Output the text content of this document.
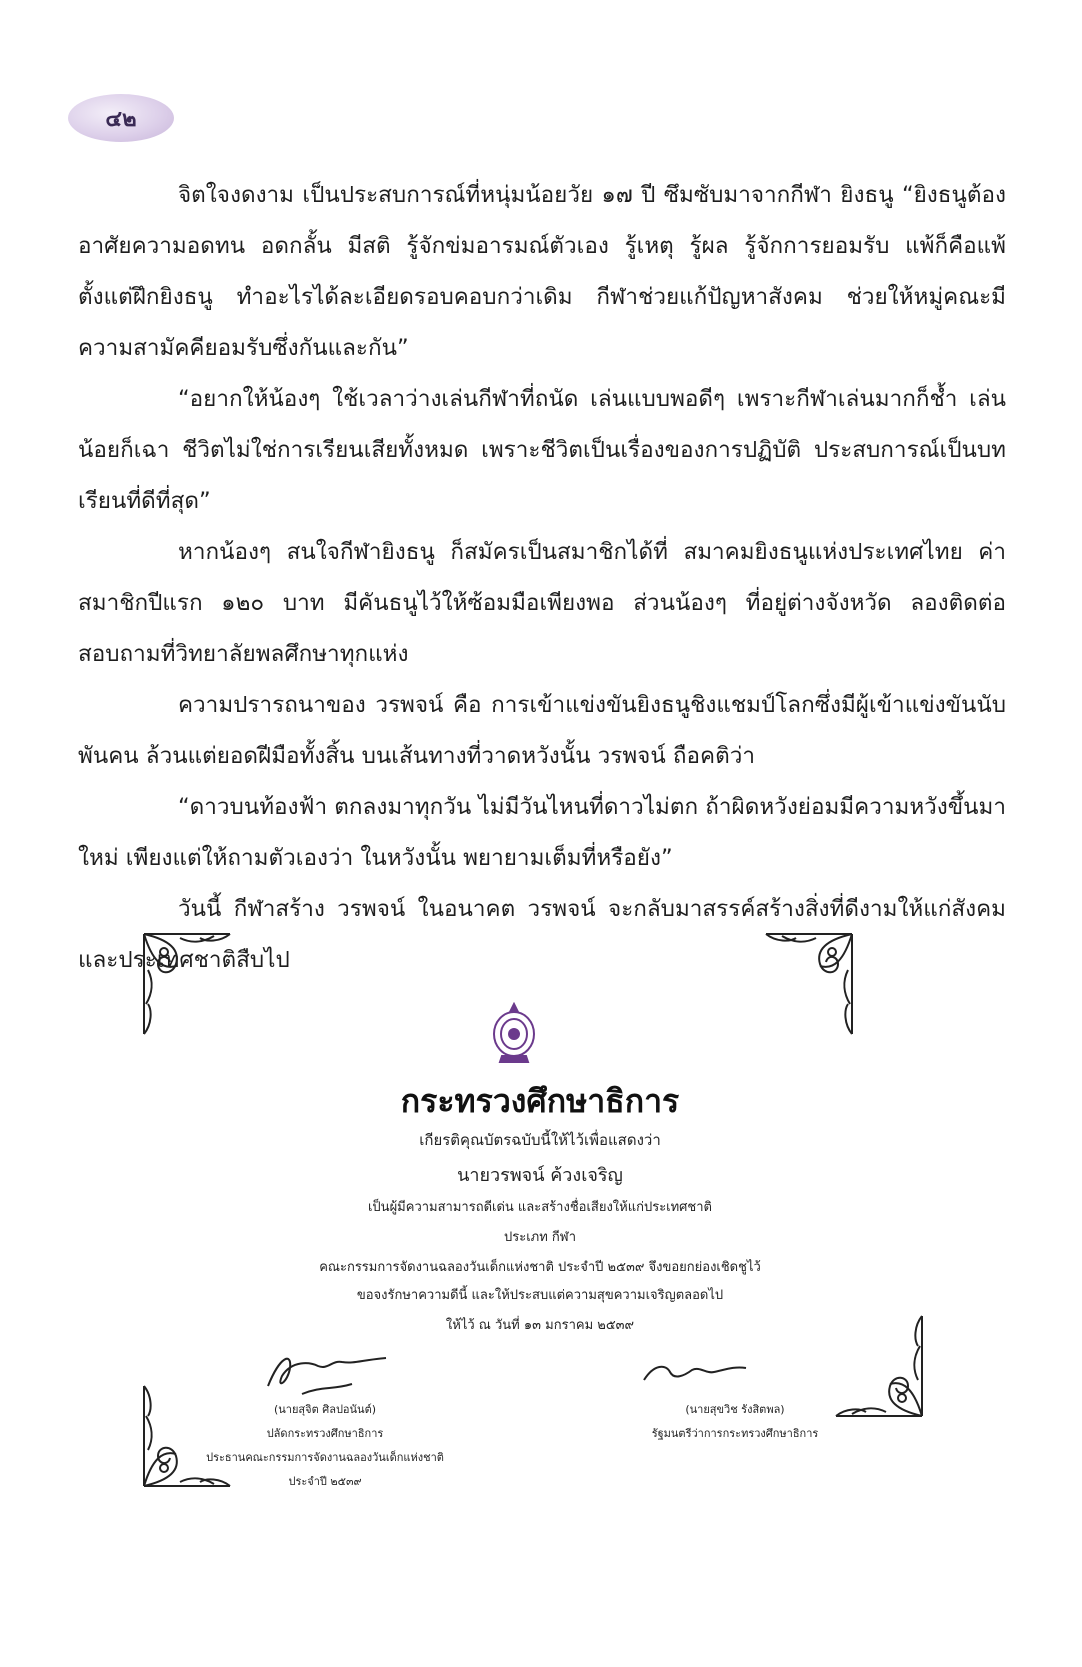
๔๒

จิตใจงดงาม เป็นประสบการณ์ที่หนุ่มน้อยวัย ๑๗ ปี ซึมซับมาจากกีฬา ยิงธนู “ยิงธนูต้องอาศัยความอดทน อดกลั้น มีสติ รู้จักข่มอารมณ์ตัวเอง รู้เหตุ รู้ผล รู้จักการยอมรับ แพ้ก็คือแพ้ ตั้งแต่ฝึกยิงธนู ทำอะไรได้ละเอียดรอบคอบกว่าเดิม กีฬาช่วยแก้ปัญหาสังคม ช่วยให้หมู่คณะมีความสามัคคียอมรับซึ่งกันและกัน”

“อยากให้น้องๆ ใช้เวลาว่างเล่นกีฬาที่ถนัด เล่นแบบพอดีๆ เพราะกีฬาเล่นมากก็ช้ำ เล่นน้อยก็เฉา ชีวิตไม่ใช่การเรียนเสียทั้งหมด เพราะชีวิตเป็นเรื่องของการปฏิบัติ ประสบการณ์เป็นบทเรียนที่ดีที่สุด”

หากน้องๆ สนใจกีฬายิงธนู ก็สมัครเป็นสมาชิกได้ที่ สมาคมยิงธนูแห่งประเทศไทย ค่าสมาชิกปีแรก ๑๒๐ บาท มีคันธนูไว้ให้ซ้อมมือเพียงพอ ส่วนน้องๆ ที่อยู่ต่างจังหวัด ลองติดต่อสอบถามที่วิทยาลัยพลศึกษาทุกแห่ง

ความปรารถนาของ วรพจน์ คือ การเข้าแข่งขันยิงธนูชิงแชมป์โลกซึ่งมีผู้เข้าแข่งขันนับพันคน ล้วนแต่ยอดฝีมือทั้งสิ้น บนเส้นทางที่วาดหวังนั้น วรพจน์ ถือคติว่า

“ดาวบนท้องฟ้า ตกลงมาทุกวัน ไม่มีวันไหนที่ดาวไม่ตก ถ้าผิดหวังย่อมมีความหวังขึ้นมาใหม่ เพียงแต่ให้ถามตัวเองว่า ในหวังนั้น พยายามเต็มที่หรือยัง”

วันนี้ กีฬาสร้าง วรพจน์ ในอนาคต วรพจน์ จะกลับมาสรรค์สร้างสิ่งที่ดีงามให้แก่สังคมและประเทศชาติสืบไป

กระทรวงศึกษาธิการ
เกียรติคุณบัตรฉบับนี้ให้ไว้เพื่อแสดงว่า
นายวรพจน์ ค้วงเจริญ
เป็นผู้มีความสามารถดีเด่น และสร้างชื่อเสียงให้แก่ประเทศชาติ
ประเภท กีฬา
คณะกรรมการจัดงานฉลองวันเด็กแห่งชาติ ประจำปี ๒๕๓๙ จึงขอยกย่องเชิดชูไว้
ขอจงรักษาความดีนี้ และให้ประสบแต่ความสุขความเจริญตลอดไป
ให้ไว้ ณ วันที่ ๑๓ มกราคม ๒๕๓๙
(นายสุจิต ศิลปอนันต์)
ปลัดกระทรวงศึกษาธิการ
ประธานคณะกรรมการจัดงานฉลองวันเด็กแห่งชาติ
ประจำปี ๒๕๓๙
(นายสุขวิช รังสิตพล)
รัฐมนตรีว่าการกระทรวงศึกษาธิการ
